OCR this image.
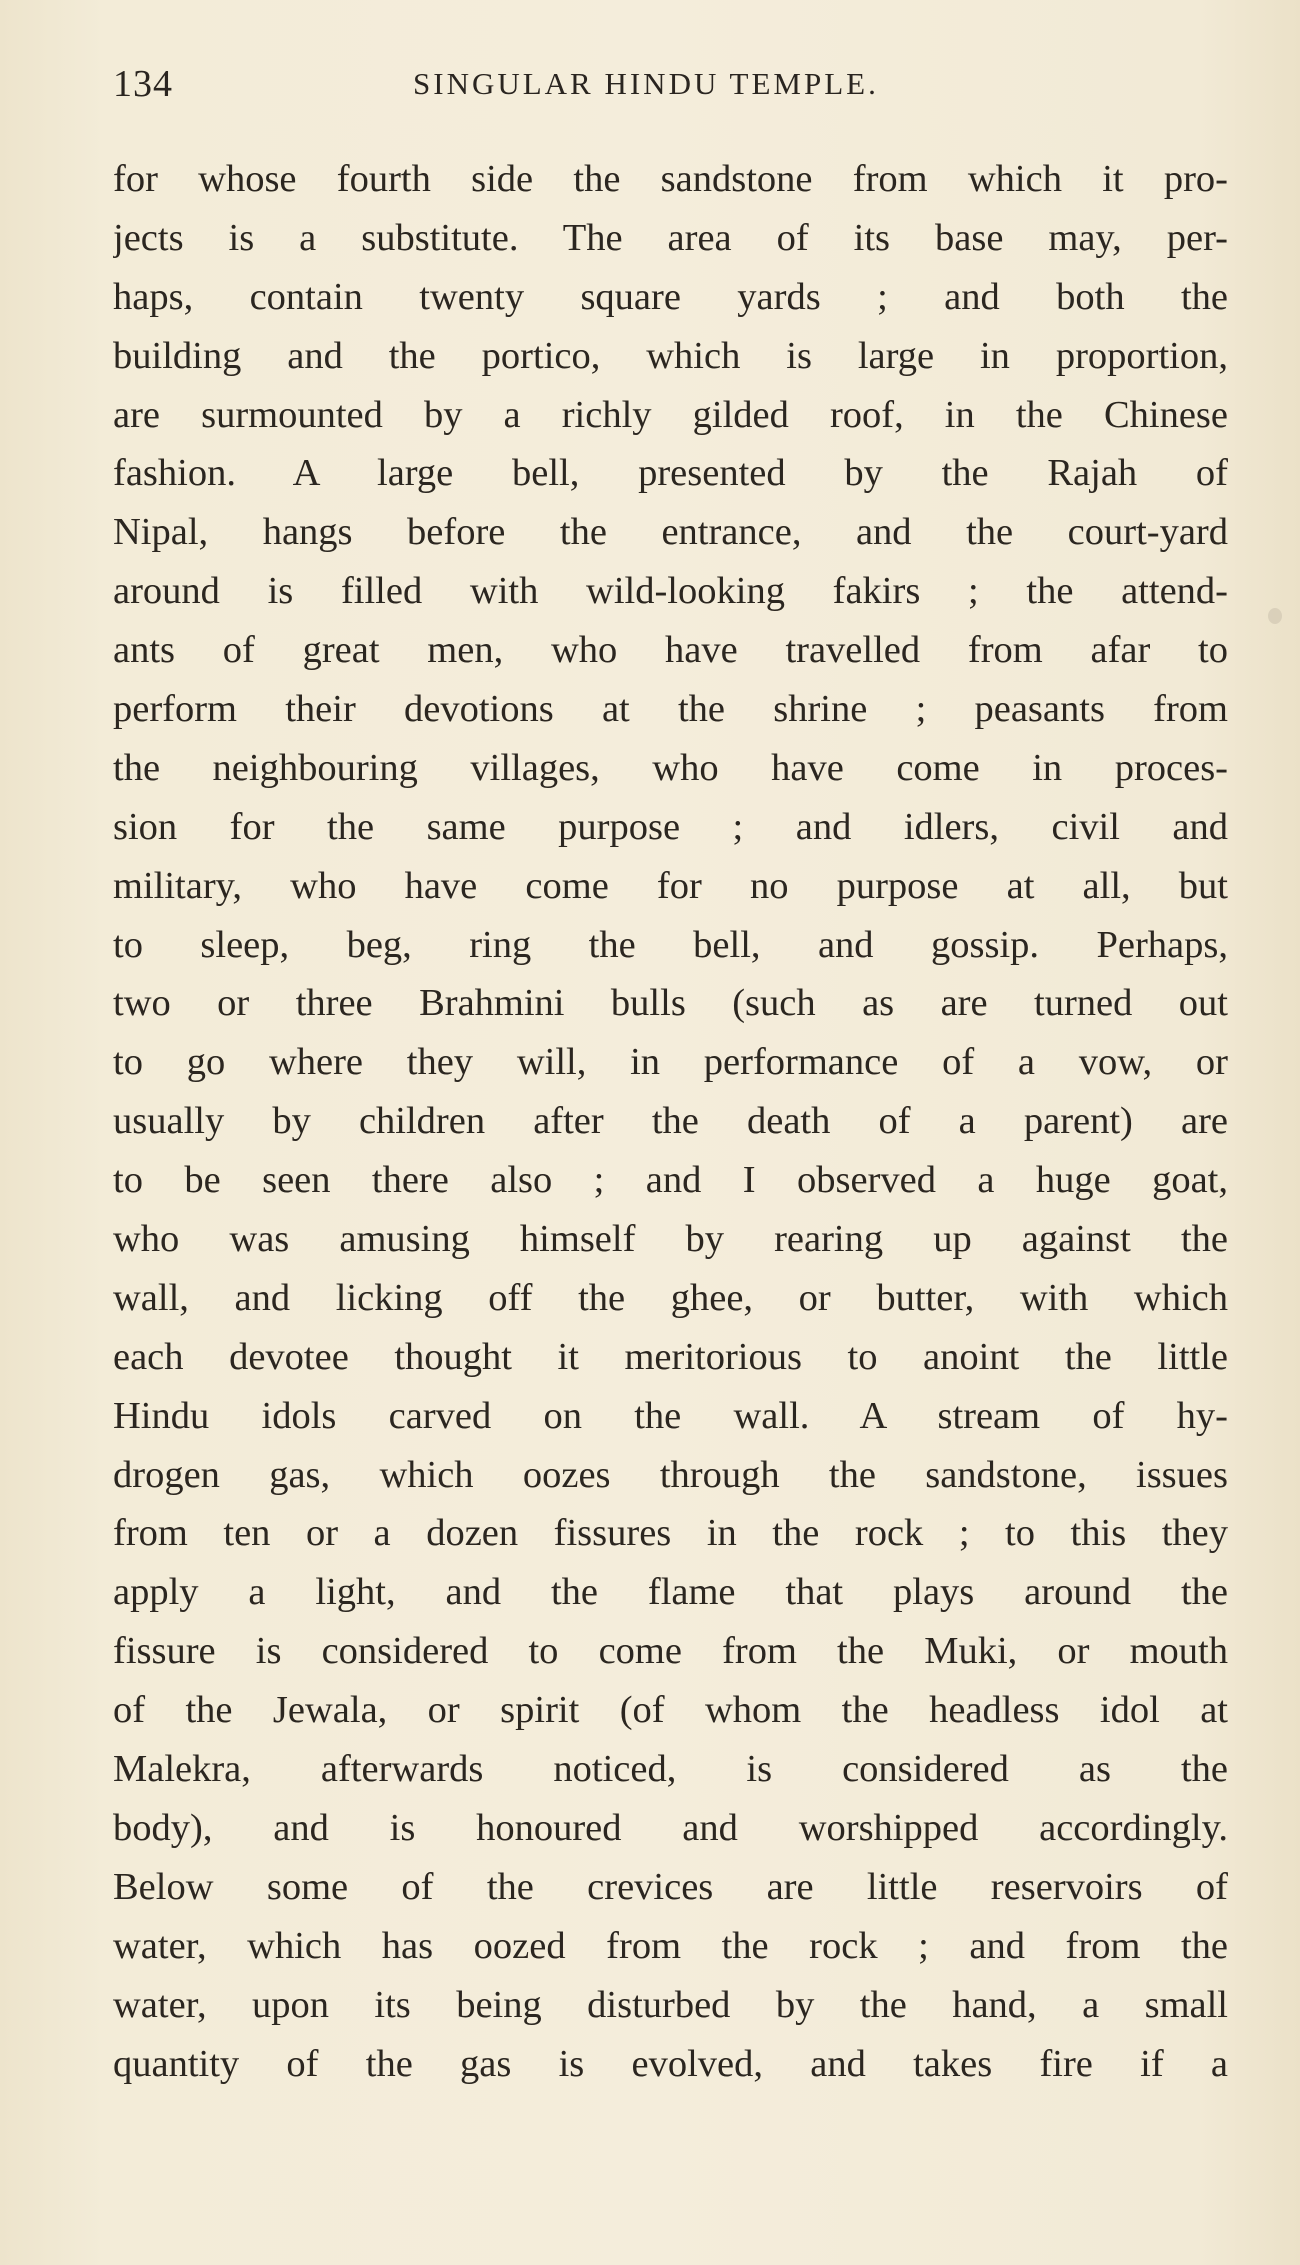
134	SINGULAR HINDU TEMPLE.
for whose fourth side the sandstone from which it pro-
jects is a substitute. The area of its base may, per-
haps, contain twenty square yards ; and both the
building and the portico, which is large in proportion,
are surmounted by a richly gilded roof, in the Chinese
fashion. A large bell, presented by the Rajah of
Nipal, hangs before the entrance, and the court-yard
around is filled with wild-looking fakirs ; the attend-
ants of great men, who have travelled from afar to
perform their devotions at the shrine ; peasants from
the neighbouring villages, who have come in proces-
sion for the same purpose ; and idlers, civil and
military, who have come for no purpose at all, but
to sleep, beg, ring the bell, and gossip. Perhaps,
two or three Brahmini bulls (such as are turned out
to go where they will, in performance of a vow, or
usually by children after the death of a parent) are
to be seen there also ; and I observed a huge goat,
who was amusing himself by rearing up against the
wall, and licking off the ghee, or butter, with which
each devotee thought it meritorious to anoint the little
Hindu idols carved on the wall. A stream of hy-
drogen gas, which oozes through the sandstone, issues
from ten or a dozen fissures in the rock ; to this they
apply a light, and the flame that plays around the
fissure is considered to come from the Muki, or mouth
of the Jewala, or spirit (of whom the headless idol at
Malekra, afterwards noticed, is considered as the
body), and is honoured and worshipped accordingly.
Below some of the crevices are little reservoirs of
water, which has oozed from the rock ; and from the
water, upon its being disturbed by the hand, a small
quantity of the gas is evolved, and takes fire if a
